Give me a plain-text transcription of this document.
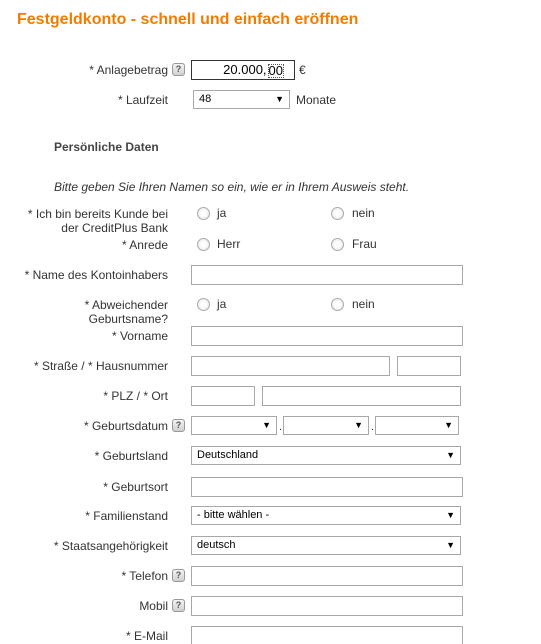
Festgeldkonto - schnell und einfach eröffnen
* Anlagebetrag ?	20.000, 00	€
* Laufzeit	48	▼ Monate
Persönliche Daten
Bitte geben Sie Ihren Namen so ein, wie er in Ihrem Ausweis steht.
* Ich bin bereits Kunde bei der CreditPlus Bank
ja	nein
* Anrede	Herr	Frau
* Name des Kontoinhabers
* Abweichender Geburtsname?
ja	nein
* Vorname
* Straße / * Hausnummer
* PLZ / * Ort
* Geburtsdatum ?	▼ .	▼ .	▼
* Geburtsland	Deutschland	▼
* Geburtsort
* Familienstand	- bitte wählen -	▼
* Staatsangehörigkeit	deutsch	▼
* Telefon ?
Mobil ?
* E-Mail
